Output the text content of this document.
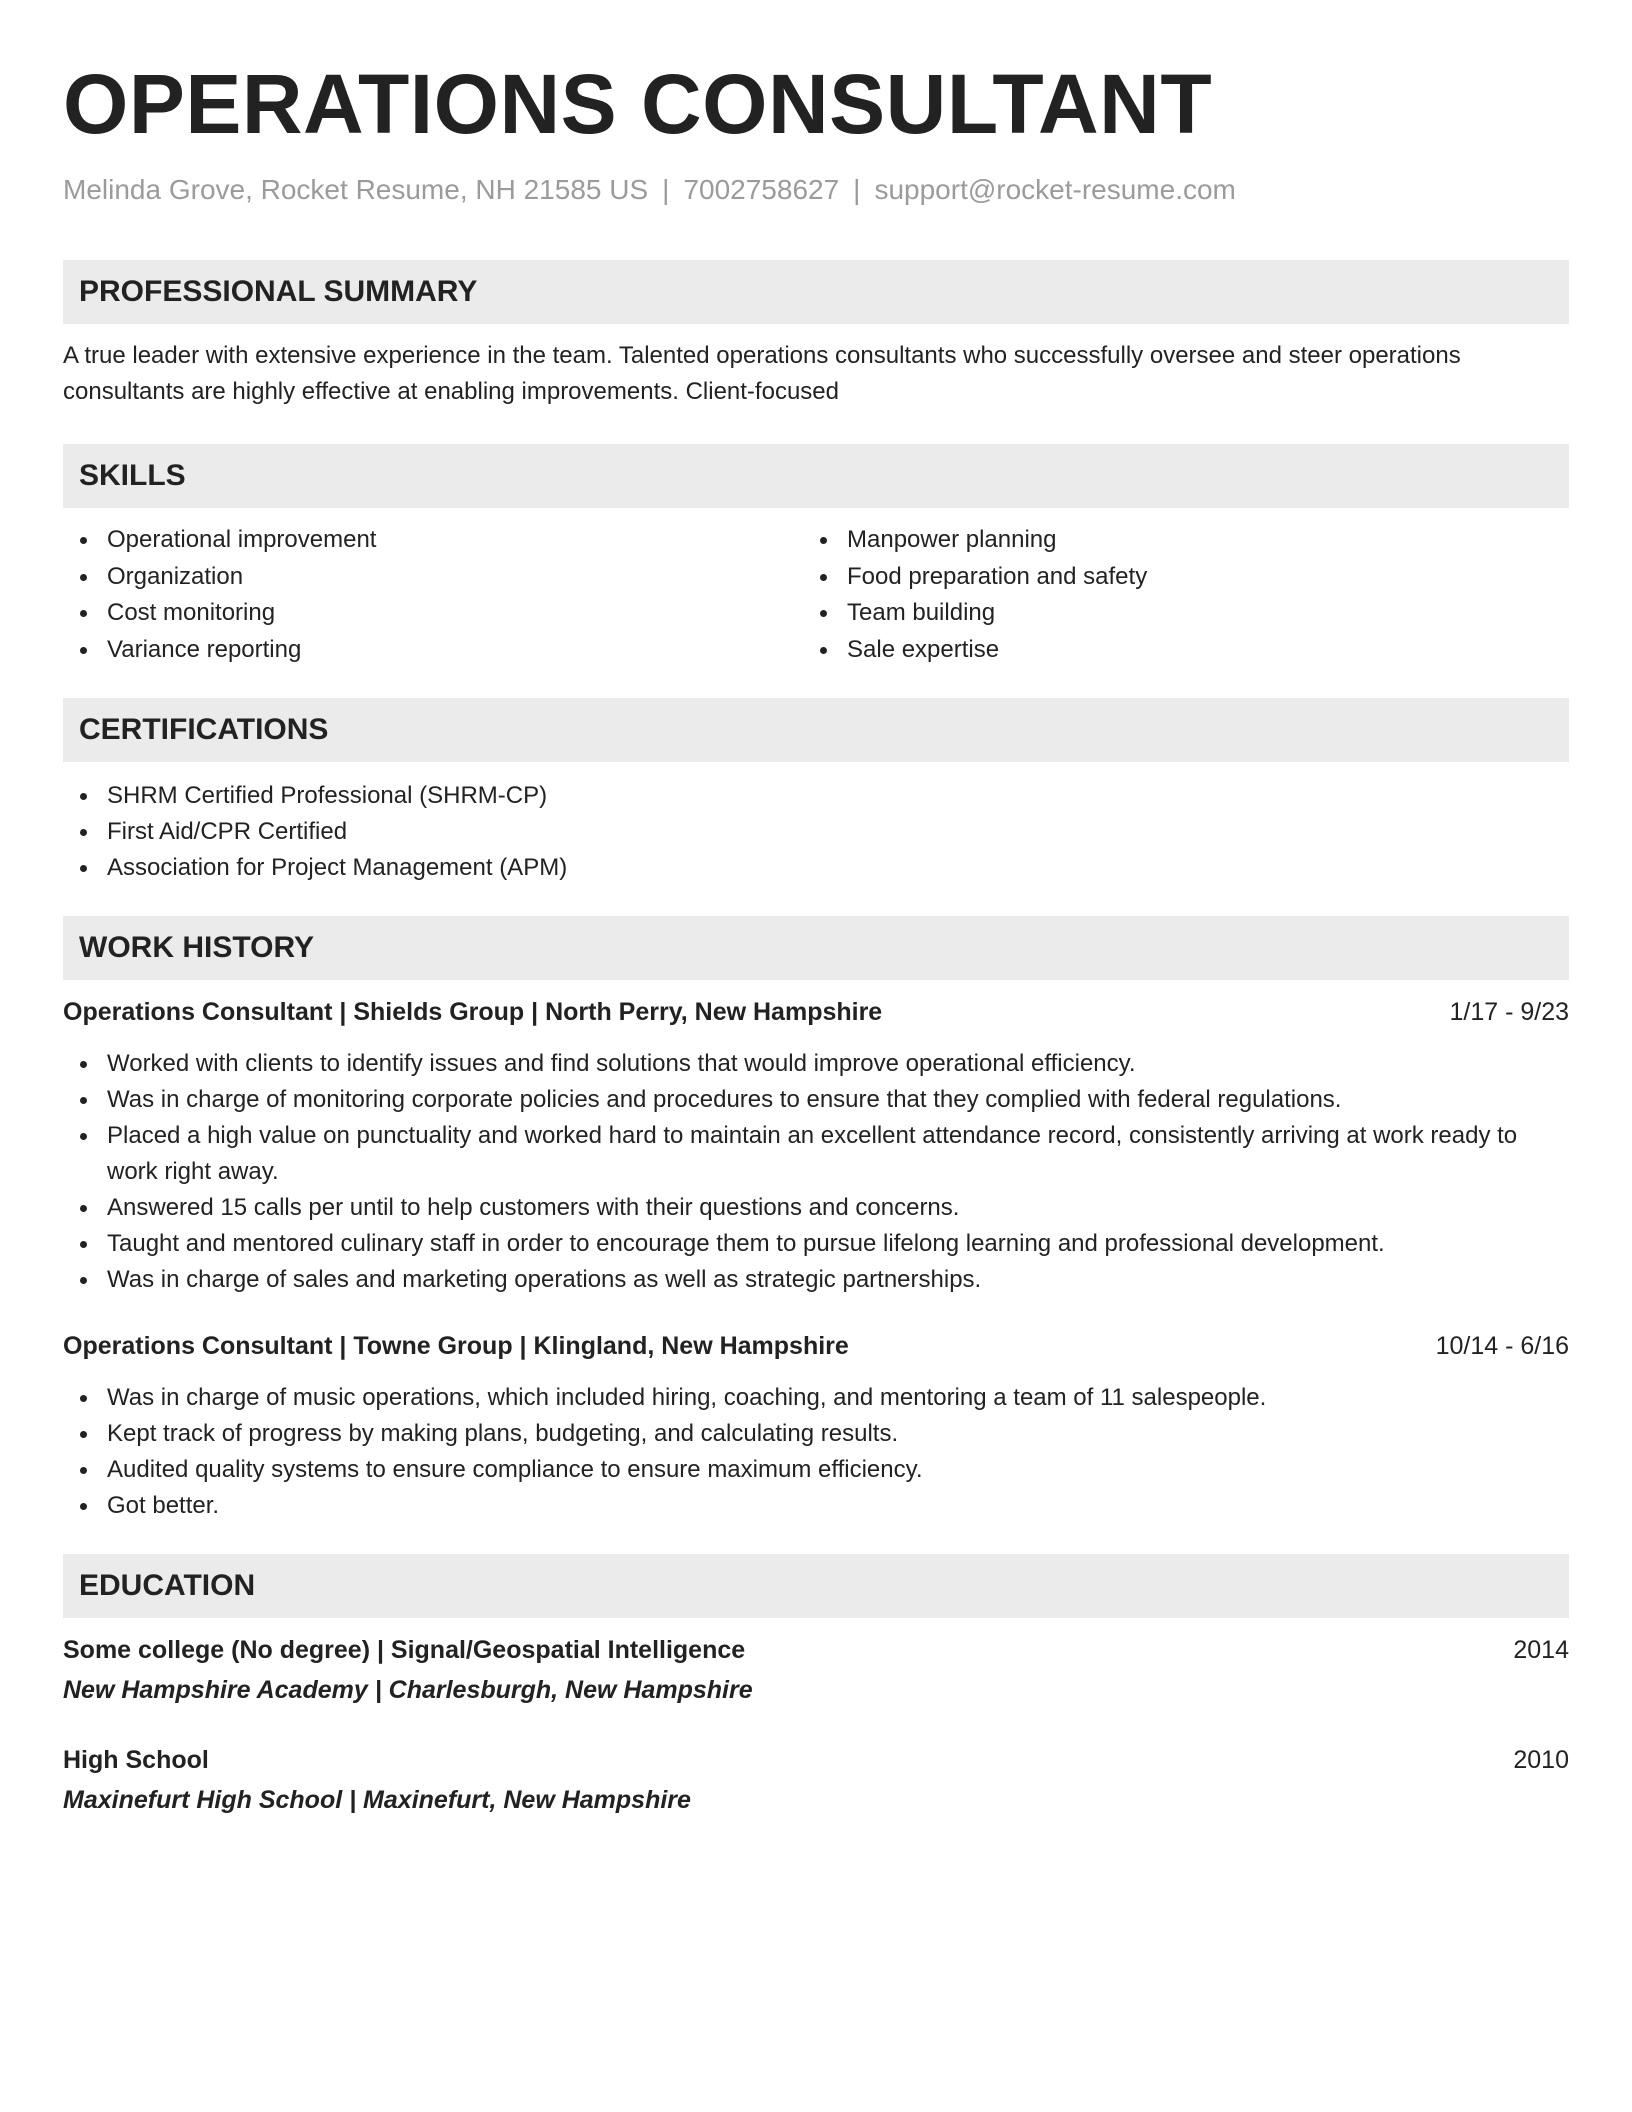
OPERATIONS CONSULTANT
Melinda Grove, Rocket Resume, NH 21585 US | 7002758627 | support@rocket-resume.com
PROFESSIONAL SUMMARY

A true leader with extensive experience in the team. Talented operations consultants who successfully oversee and steer operations consultants are highly effective at enabling improvements. Client-focused

SKILLS
Operational improvement
Organization
Cost monitoring
Variance reporting
Manpower planning
Food preparation and safety
Team building
Sale expertise
CERTIFICATIONS
SHRM Certified Professional (SHRM-CP)
First Aid/CPR Certified
Association for Project Management (APM)
WORK HISTORY
Operations Consultant | Shields Group | North Perry, New Hampshire	1/17 - 9/23
Worked with clients to identify issues and find solutions that would improve operational efficiency.
Was in charge of monitoring corporate policies and procedures to ensure that they complied with federal regulations.
Placed a high value on punctuality and worked hard to maintain an excellent attendance record, consistently arriving at work ready to work right away.
Answered 15 calls per until to help customers with their questions and concerns.
Taught and mentored culinary staff in order to encourage them to pursue lifelong learning and professional development.
Was in charge of sales and marketing operations as well as strategic partnerships.
Operations Consultant | Towne Group | Klingland, New Hampshire	10/14 - 6/16
Was in charge of music operations, which included hiring, coaching, and mentoring a team of 11 salespeople.
Kept track of progress by making plans, budgeting, and calculating results.
Audited quality systems to ensure compliance to ensure maximum efficiency.
Got better.
EDUCATION
Some college (No degree) | Signal/Geospatial Intelligence	2014
New Hampshire Academy | Charlesburgh, New Hampshire
High School	2010
Maxinefurt High School | Maxinefurt, New Hampshire
